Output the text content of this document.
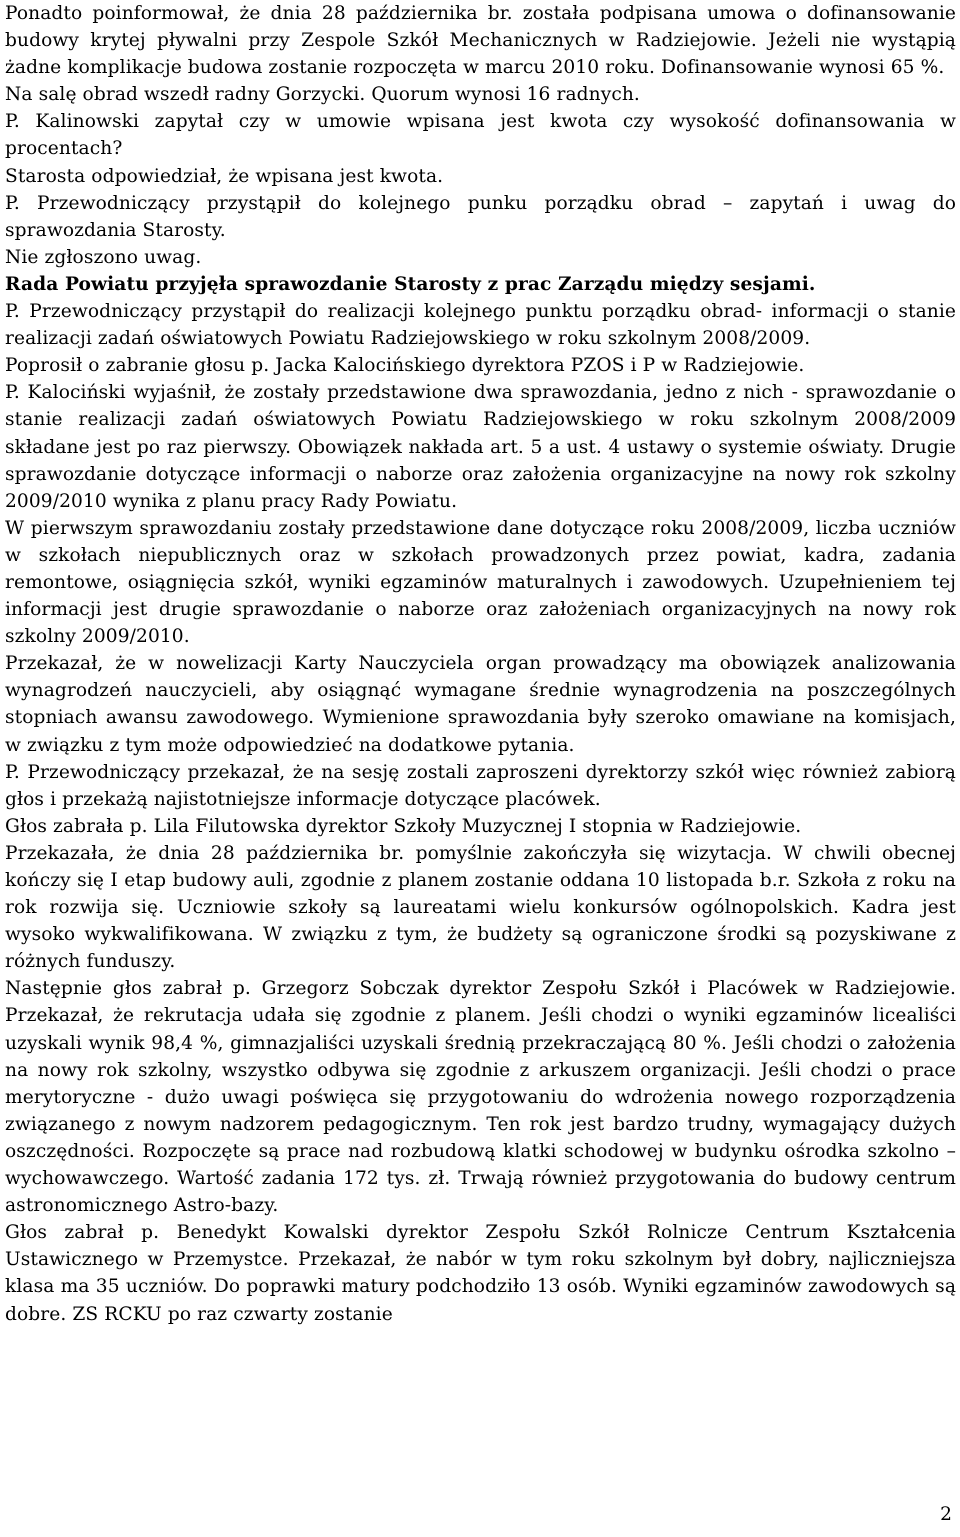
Ponadto poinformował, że dnia 28 października br. została podpisana umowa o dofinansowanie budowy krytej pływalni przy Zespole Szkół Mechanicznych w Radziejowie. Jeżeli nie wystąpią żadne komplikacje budowa zostanie rozpoczęta w marcu 2010 roku. Dofinansowanie wynosi 65 %.

Na salę obrad wszedł radny Gorzycki. Quorum wynosi 16 radnych.

P. Kalinowski zapytał czy w umowie wpisana jest kwota czy wysokość dofinansowania w procentach?

Starosta odpowiedział, że wpisana jest kwota.

P. Przewodniczący przystąpił do kolejnego punku porządku obrad – zapytań i uwag do sprawozdania Starosty.

Nie zgłoszono uwag.

Rada Powiatu przyjęła sprawozdanie Starosty z prac Zarządu między sesjami.

P. Przewodniczący przystąpił do realizacji kolejnego punktu porządku obrad- informacji o stanie realizacji zadań oświatowych Powiatu Radziejowskiego w roku szkolnym 2008/2009.

Poprosił o zabranie głosu p. Jacka Kalocińskiego dyrektora PZOS i P w Radziejowie.

P. Kalociński wyjaśnił, że zostały przedstawione dwa sprawozdania, jedno z nich - sprawozdanie o stanie realizacji zadań oświatowych Powiatu Radziejowskiego w roku szkolnym 2008/2009 składane jest po raz pierwszy. Obowiązek nakłada art. 5 a ust. 4 ustawy o systemie oświaty. Drugie sprawozdanie dotyczące informacji o naborze oraz założenia organizacyjne na nowy rok szkolny 2009/2010 wynika z planu pracy Rady Powiatu.

W pierwszym sprawozdaniu zostały przedstawione dane dotyczące roku 2008/2009, liczba uczniów w szkołach niepublicznych oraz w szkołach prowadzonych przez powiat, kadra, zadania remontowe, osiągnięcia szkół, wyniki egzaminów maturalnych i zawodowych. Uzupełnieniem tej informacji jest drugie sprawozdanie o naborze oraz założeniach organizacyjnych na nowy rok szkolny 2009/2010.

Przekazał, że w nowelizacji Karty Nauczyciela organ prowadzący ma obowiązek analizowania wynagrodzeń nauczycieli, aby osiągnąć wymagane średnie wynagrodzenia na poszczególnych stopniach awansu zawodowego. Wymienione sprawozdania były szeroko omawiane na komisjach, w związku z tym może odpowiedzieć na dodatkowe pytania.

P. Przewodniczący przekazał, że na sesję zostali zaproszeni dyrektorzy szkół więc również zabiorą głos i przekażą najistotniejsze informacje dotyczące placówek.

Głos zabrała p. Lila Filutowska dyrektor Szkoły Muzycznej I stopnia w Radziejowie.

Przekazała, że dnia 28 października br. pomyślnie zakończyła się wizytacja. W chwili obecnej kończy się I etap budowy auli, zgodnie z planem zostanie oddana 10 listopada b.r. Szkoła z roku na rok rozwija się. Uczniowie szkoły są laureatami wielu konkursów ogólnopolskich. Kadra jest wysoko wykwalifikowana. W związku z tym, że budżety są ograniczone środki są pozyskiwane z różnych funduszy.

Następnie głos zabrał p. Grzegorz Sobczak dyrektor Zespołu Szkół i Placówek w Radziejowie. Przekazał, że rekrutacja udała się zgodnie z planem. Jeśli chodzi o wyniki egzaminów licealiści uzyskali wynik 98,4 %, gimnazjaliści uzyskali średnią przekraczającą 80 %. Jeśli chodzi o założenia na nowy rok szkolny, wszystko odbywa się zgodnie z arkuszem organizacji. Jeśli chodzi o prace merytoryczne - dużo uwagi poświęca się przygotowaniu do wdrożenia nowego rozporządzenia związanego z nowym nadzorem pedagogicznym. Ten rok jest bardzo trudny, wymagający dużych oszczędności. Rozpoczęte są prace nad rozbudową klatki schodowej w budynku ośrodka szkolno – wychowawczego. Wartość zadania 172 tys. zł. Trwają również przygotowania do budowy centrum astronomicznego Astro-bazy.

Głos zabrał p. Benedykt Kowalski dyrektor Zespołu Szkół Rolnicze Centrum Kształcenia Ustawicznego w Przemystce. Przekazał, że nabór w tym roku szkolnym był dobry, najliczniejsza klasa ma 35 uczniów. Do poprawki matury podchodziło 13 osób. Wyniki egzaminów zawodowych są dobre. ZS RCKU po raz czwarty zostanie

2
